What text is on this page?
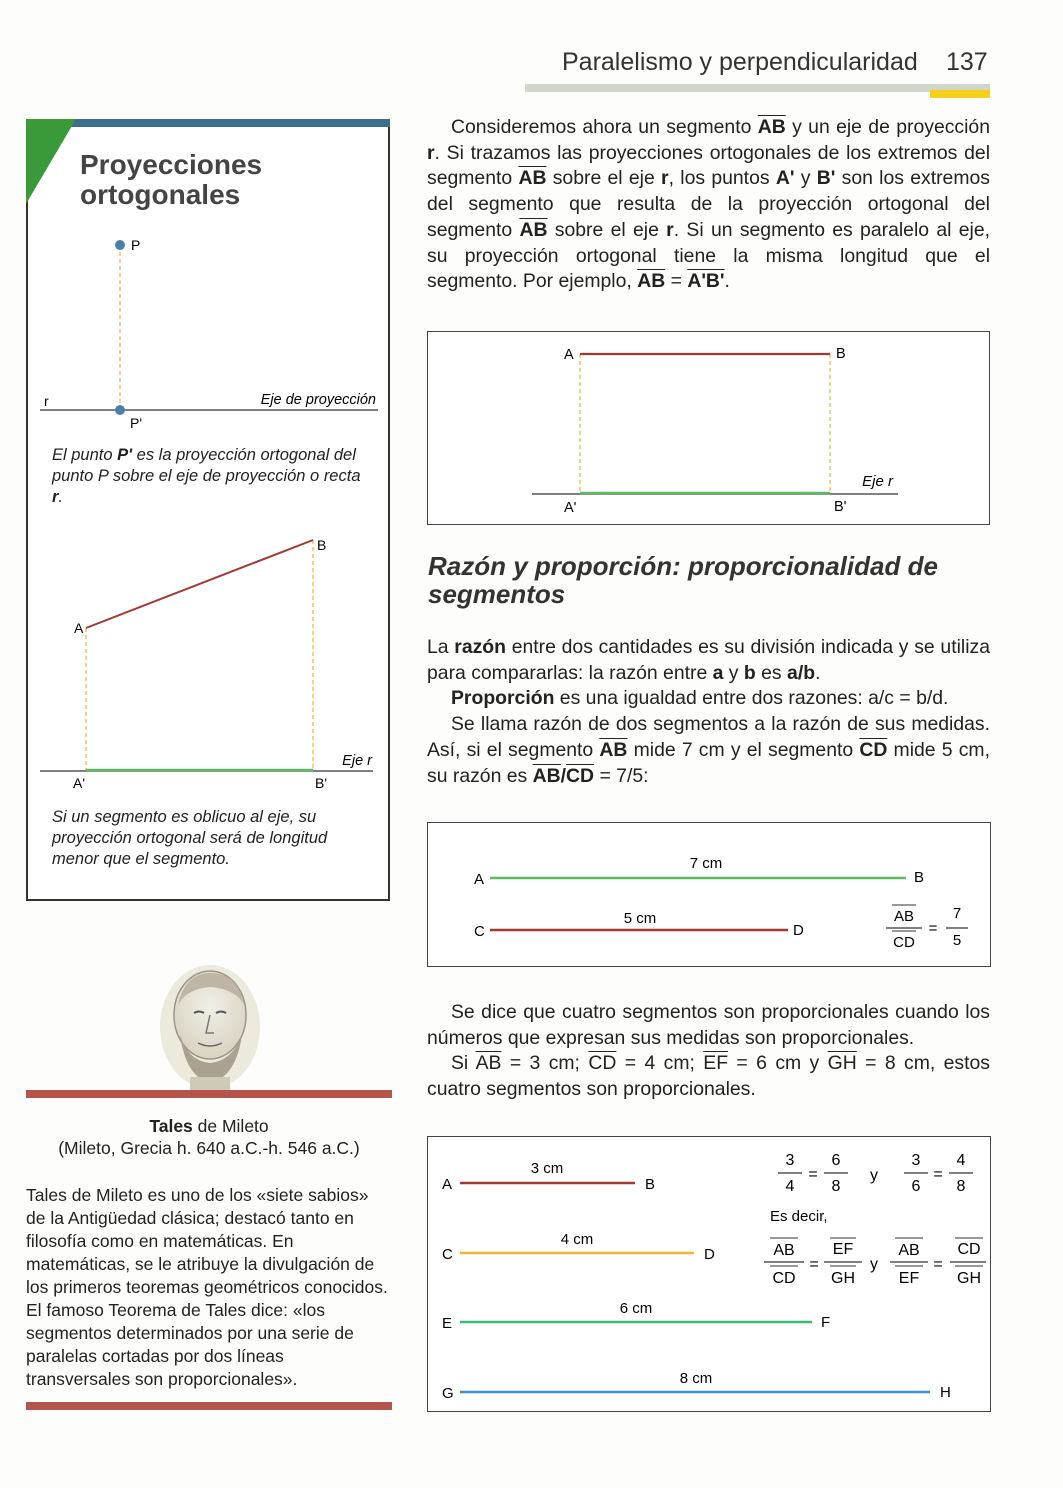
Paralelismo y perpendicularidad 137
Proyecciones
ortogonales
P
r	Eje de proyección
P'
El punto P' es la proyección ortogonal del punto P sobre el eje de proyección o recta r.
A
B
A'	B'
Eje r
Si un segmento es oblicuo al eje, su proyección ortogonal será de longitud menor que el segmento.
Consideremos ahora un segmento $\overline{AB}$ y un eje de proyección r. Si trazamos las proyecciones ortogonales de los extremos del segmento $\overline{AB}$ sobre el eje r, los puntos A' y B' son los extremos del segmento que resulta de la proyección ortogonal del segmento $\overline{AB}$ sobre el eje r. Si un segmento es paralelo al eje, su proyección ortogonal tiene la misma longitud que el segmento. Por ejemplo, $\overline{AB} = A'B'$.
A	B
A'	B'
Eje r
Razón y proporción: proporcionalidad de segmentos
La razón entre dos cantidades es su división indicada y se utiliza para compararlas: la razón entre a y b es a/b.
Proporción es una igualdad entre dos razones: a/c = b/d.
Se llama razón de dos segmentos a la razón de sus medidas. Así, si el segmento $\overline{AB}$ mide 7 cm y el segmento $\overline{CD}$ mide 5 cm, su razón es $\overline{AB}/\overline{CD} = 7/5$:
A	B
7 cm
C	D
5 cm	AB
CD
=
7
5
Se dice que cuatro segmentos son proporcionales cuando los números que expresan sus medidas son proporcionales.
Si $\overline{AB} = 3$ cm; $\overline{CD} = 4$ cm; $\overline{EF} = 6$ cm y $\overline{GH} = 8$ cm, estos cuatro segmentos son proporcionales.
A	B
3 cm
C	D
4 cm
E	F
6 cm
G	H
8 cm
3
4
=
6
8
y
3
6
=
4
8
Es decir,
AB
CD
=
EF
GH
y
AB
EF
=
CD
GH
Tales de Mileto
(Mileto, Grecia h. 640 a.C.-h. 546 a.C.)
Tales de Mileto es uno de los «siete sabios» de la Antigüedad clásica; destacó tanto en filosofía como en matemáticas. En matemáticas, se le atribuye la divulgación de los primeros teoremas geométricos conocidos. El famoso Teorema de Tales dice: «los segmentos determinados por una serie de paralelas cortadas por dos líneas transversales son proporcionales».
